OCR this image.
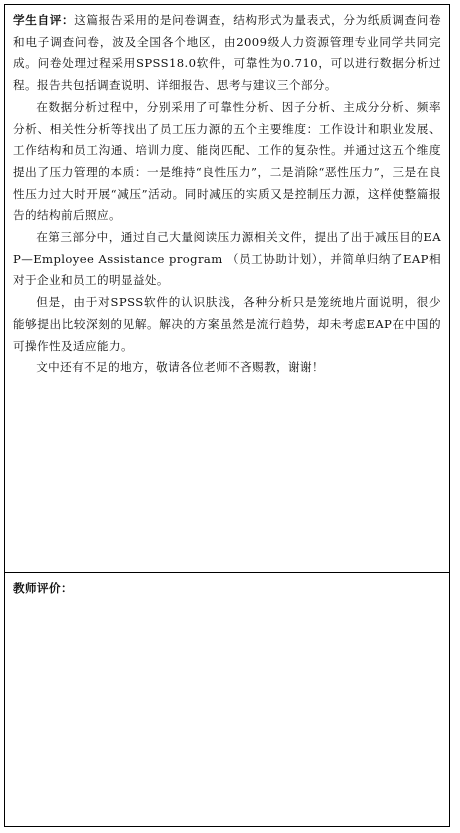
学生自评：这篇报告采用的是问卷调查，结构形式为量表式，分为纸质调查问卷和电子调查问卷，波及全国各个地区，由2009级人力资源管理专业同学共同完成。问卷处理过程采用SPSS18.0软件，可靠性为0.710，可以进行数据分析过程。报告共包括调查说明、详细报告、思考与建议三个部分。

在数据分析过程中，分别采用了可靠性分析、因子分析、主成分分析、频率分析、相关性分析等找出了员工压力源的五个主要维度：工作设计和职业发展、工作结构和员工沟通、培训力度、能岗匹配、工作的复杂性。并通过这五个维度提出了压力管理的本质：一是维持“良性压力”，二是消除“恶性压力”，三是在良性压力过大时开展“减压”活动。同时减压的实质又是控制压力源，这样使整篇报告的结构前后照应。

在第三部分中，通过自己大量阅读压力源相关文件，提出了出于减压目的EAP—Employee Assistance program （员工协助计划），并简单归纳了EAP相对于企业和员工的明显益处。

但是，由于对SPSS软件的认识肤浅，各种分析只是笼统地片面说明，很少能够提出比较深刻的见解。解决的方案虽然是流行趋势，却未考虑EAP在中国的可操作性及适应能力。

文中还有不足的地方，敬请各位老师不吝赐教，谢谢！

教师评价：
